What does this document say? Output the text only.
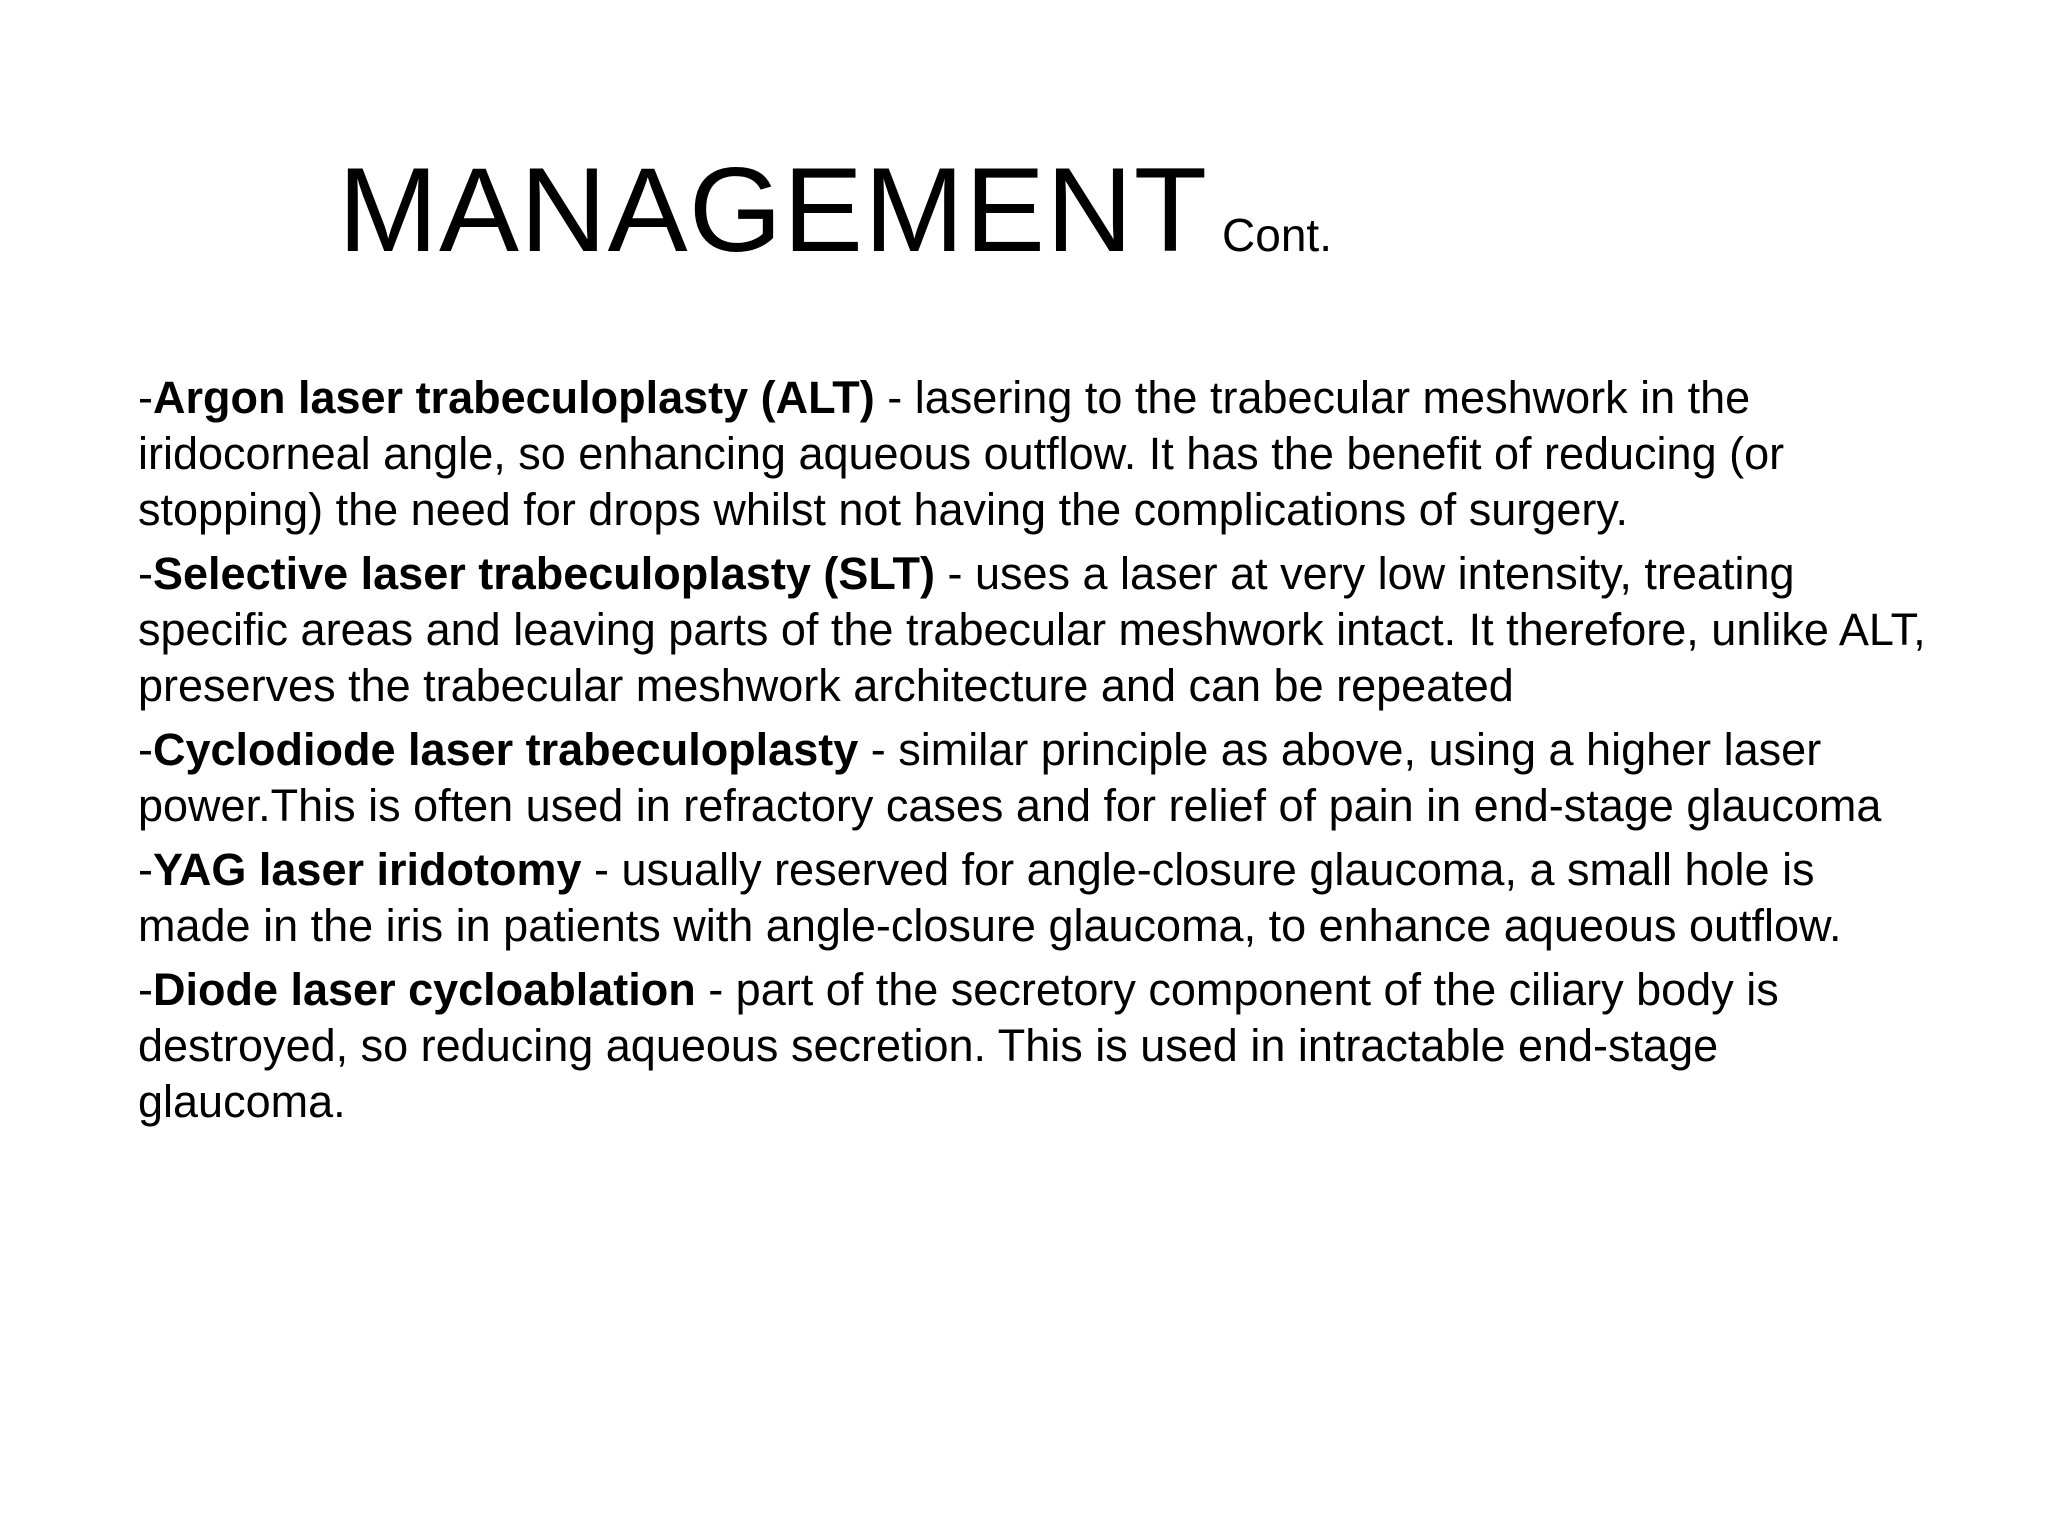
MANAGEMENT Cont.

-Argon laser trabeculoplasty (ALT) - lasering to the trabecular meshwork in the iridocorneal angle, so enhancing aqueous outflow. It has the benefit of reducing (or stopping) the need for drops whilst not having the complications of surgery.

-Selective laser trabeculoplasty (SLT) - uses a laser at very low intensity, treating specific areas and leaving parts of the trabecular meshwork intact. It therefore, unlike ALT, preserves the trabecular meshwork architecture and can be repeated

-Cyclodiode laser trabeculoplasty - similar principle as above, using a higher laser power.This is often used in refractory cases and for relief of pain in end-stage glaucoma

-YAG laser iridotomy - usually reserved for angle-closure glaucoma, a small hole is made in the iris in patients with angle-closure glaucoma, to enhance aqueous outflow.

-Diode laser cycloablation - part of the secretory component of the ciliary body is destroyed, so reducing aqueous secretion. This is used in intractable end-stage glaucoma.
